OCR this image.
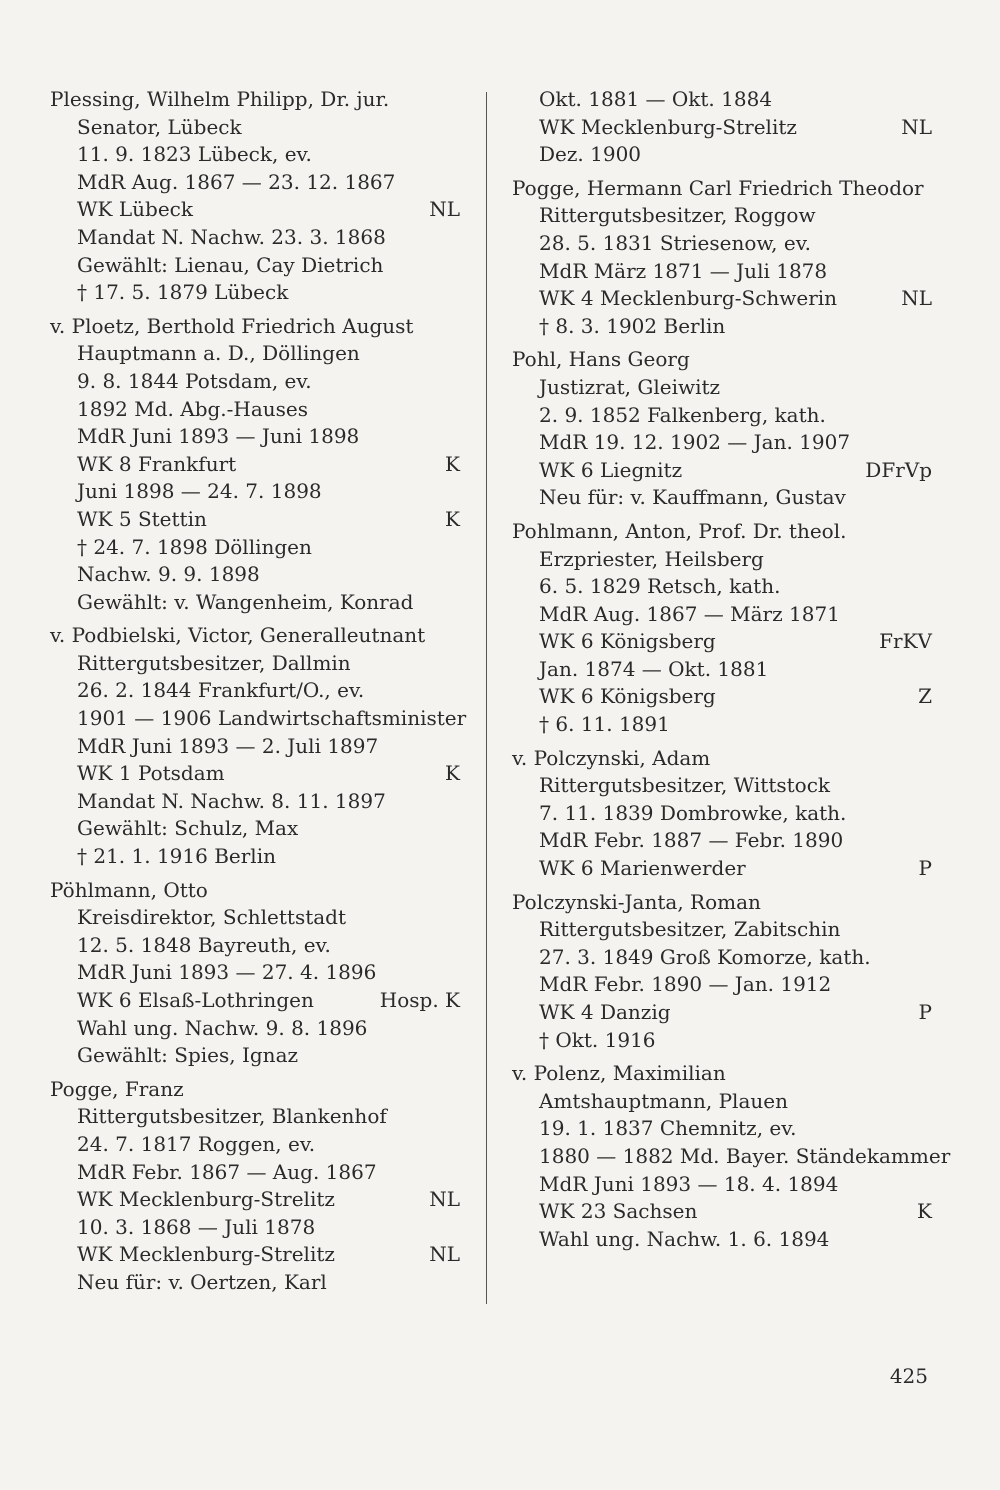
Plessing, Wilhelm Philipp, Dr. jur.
Senator, Lübeck
11. 9. 1823 Lübeck, ev.
MdR Aug. 1867 — 23. 12. 1867
WK Lübeck	NL
Mandat N. Nachw. 23. 3. 1868
Gewählt: Lienau, Cay Dietrich
† 17. 5. 1879 Lübeck
v. Ploetz, Berthold Friedrich August
Hauptmann a. D., Döllingen
9. 8. 1844 Potsdam, ev.
1892 Md. Abg.-Hauses
MdR Juni 1893 — Juni 1898
WK 8 Frankfurt	K
Juni 1898 — 24. 7. 1898
WK 5 Stettin	K
† 24. 7. 1898 Döllingen
Nachw. 9. 9. 1898
Gewählt: v. Wangenheim, Konrad
v. Podbielski, Victor, Generalleutnant
Rittergutsbesitzer, Dallmin
26. 2. 1844 Frankfurt/O., ev.
1901 — 1906 Landwirtschaftsminister
MdR Juni 1893 — 2. Juli 1897
WK 1 Potsdam	K
Mandat N. Nachw. 8. 11. 1897
Gewählt: Schulz, Max
† 21. 1. 1916 Berlin
Pöhlmann, Otto
Kreisdirektor, Schlettstadt
12. 5. 1848 Bayreuth, ev.
MdR Juni 1893 — 27. 4. 1896
WK 6 Elsaß-Lothringen	Hosp. K
Wahl ung. Nachw. 9. 8. 1896
Gewählt: Spies, Ignaz
Pogge, Franz
Rittergutsbesitzer, Blankenhof
24. 7. 1817 Roggen, ev.
MdR Febr. 1867 — Aug. 1867
WK Mecklenburg-Strelitz	NL
10. 3. 1868 — Juli 1878
WK Mecklenburg-Strelitz	NL
Neu für: v. Oertzen, Karl
Okt. 1881 — Okt. 1884
WK Mecklenburg-Strelitz	NL
Dez. 1900
Pogge, Hermann Carl Friedrich Theodor
Rittergutsbesitzer, Roggow
28. 5. 1831 Striesenow, ev.
MdR März 1871 — Juli 1878
WK 4 Mecklenburg-Schwerin	NL
† 8. 3. 1902 Berlin
Pohl, Hans Georg
Justizrat, Gleiwitz
2. 9. 1852 Falkenberg, kath.
MdR 19. 12. 1902 — Jan. 1907
WK 6 Liegnitz	DFrVp
Neu für: v. Kauffmann, Gustav
Pohlmann, Anton, Prof. Dr. theol.
Erzpriester, Heilsberg
6. 5. 1829 Retsch, kath.
MdR Aug. 1867 — März 1871
WK 6 Königsberg	FrKV
Jan. 1874 — Okt. 1881
WK 6 Königsberg	Z
† 6. 11. 1891
v. Polczynski, Adam
Rittergutsbesitzer, Wittstock
7. 11. 1839 Dombrowke, kath.
MdR Febr. 1887 — Febr. 1890
WK 6 Marienwerder	P
Polczynski-Janta, Roman
Rittergutsbesitzer, Zabitschin
27. 3. 1849 Groß Komorze, kath.
MdR Febr. 1890 — Jan. 1912
WK 4 Danzig	P
† Okt. 1916
v. Polenz, Maximilian
Amtshauptmann, Plauen
19. 1. 1837 Chemnitz, ev.
1880 — 1882 Md. Bayer. Ständekammer
MdR Juni 1893 — 18. 4. 1894
WK 23 Sachsen	K
Wahl ung. Nachw. 1. 6. 1894
425
